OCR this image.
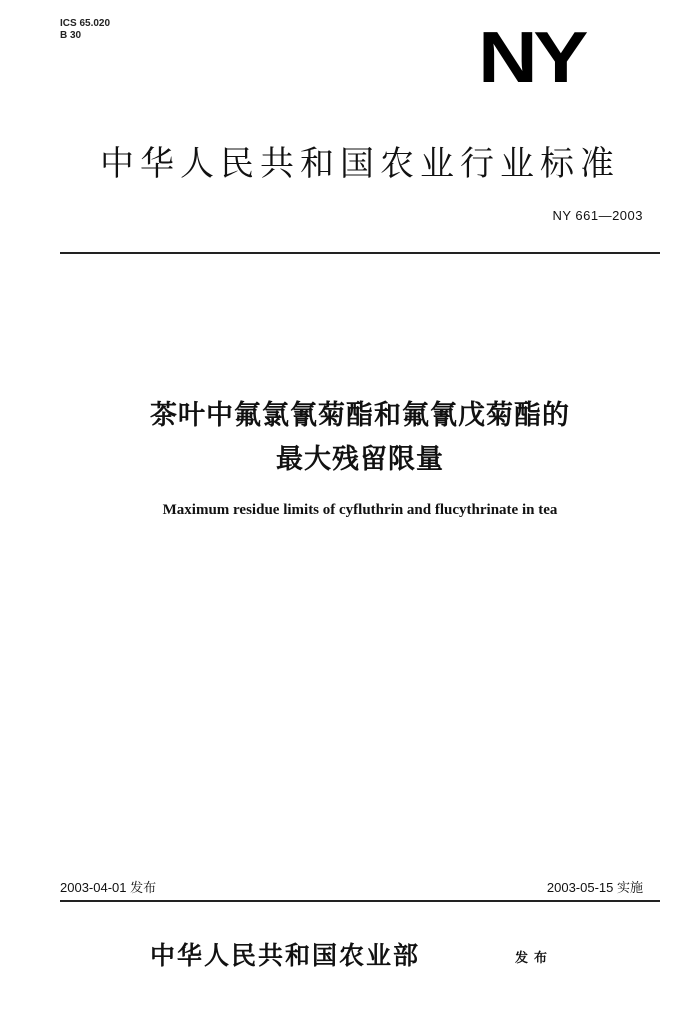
ICS 65.020
B 30	NY
中华人民共和国农业行业标准
NY 661—2003
茶叶中氟氯氰菊酯和氟氰戊菊酯的
最大残留限量
Maximum residue limits of cyfluthrin and flucythrinate in tea
2003-04-01 发布	2003-05-15 实施
中华人民共和国农业部	发布
